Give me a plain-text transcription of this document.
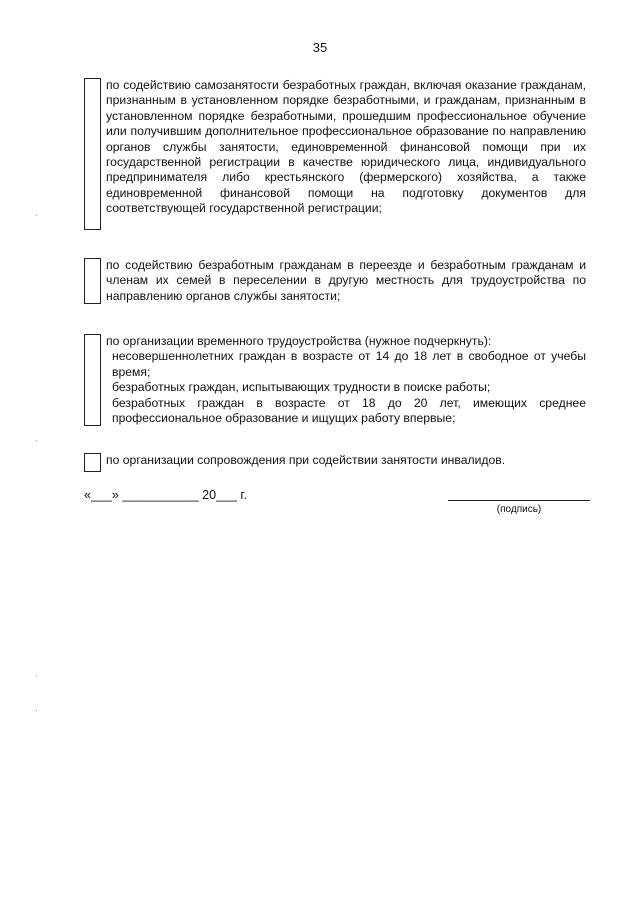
35
по содействию самозанятости безработных граждан, включая оказание гражданам, признанным в установленном порядке безработными, и гражданам, признанным в установленном порядке безработными, прошедшим профессиональное обучение или получившим дополнительное профессиональное образование по направлению органов службы занятости, единовременной финансовой помощи при их государственной регистрации в качестве юридического лица, индивидуального предпринимателя либо крестьянского (фермерского) хозяйства, а также единовременной финансовой помощи на подготовку документов для соответствующей государственной регистрации;
по содействию безработным гражданам в переезде и безработным гражданам и членам их семей в переселении в другую местность для трудоустройства по направлению органов службы занятости;
по организации временного трудоустройства (нужное подчеркнуть):
несовершеннолетних граждан в возрасте от 14 до 18 лет в свободное от учебы время;
безработных граждан, испытывающих трудности в поиске работы;
безработных граждан в возрасте от 18 до 20 лет, имеющих среднее профессиональное образование и ищущих работу впервые;
по организации сопровождения при содействии занятости инвалидов.
«___» ___________ 20___ г.
(подпись)
